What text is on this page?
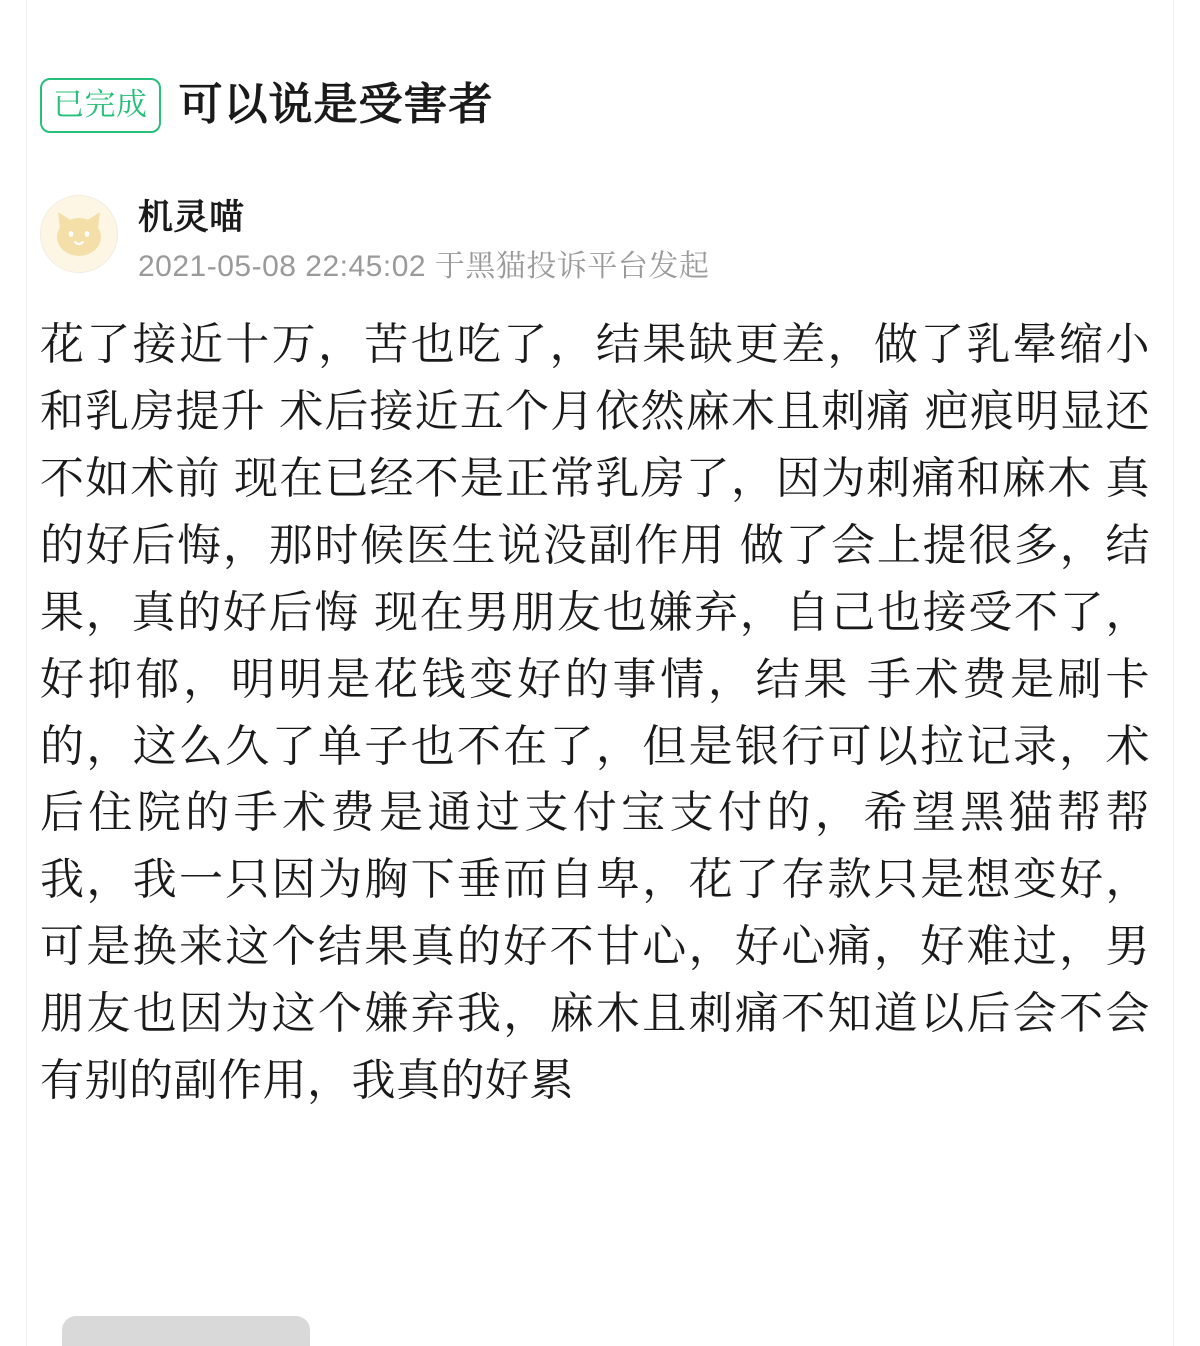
已完成 可以说是受害者
机灵喵
2021-05-08 22:45:02 于黑猫投诉平台发起
花了接近十万，苦也吃了，结果缺更差，做了乳晕缩小和乳房提升 术后接近五个月依然麻木且刺痛 疤痕明显还不如术前 现在已经不是正常乳房了，因为刺痛和麻木 真的好后悔，那时候医生说没副作用 做了会上提很多，结果，真的好后悔 现在男朋友也嫌弃，自己也接受不了，好抑郁，明明是花钱变好的事情，结果 手术费是刷卡的，这么久了单子也不在了，但是银行可以拉记录，术后住院的手术费是通过支付宝支付的，希望黑猫帮帮我，我一只因为胸下垂而自卑，花了存款只是想变好，可是换来这个结果真的好不甘心，好心痛，好难过，男朋友也因为这个嫌弃我，麻木且刺痛不知道以后会不会有别的副作用，我真的好累
